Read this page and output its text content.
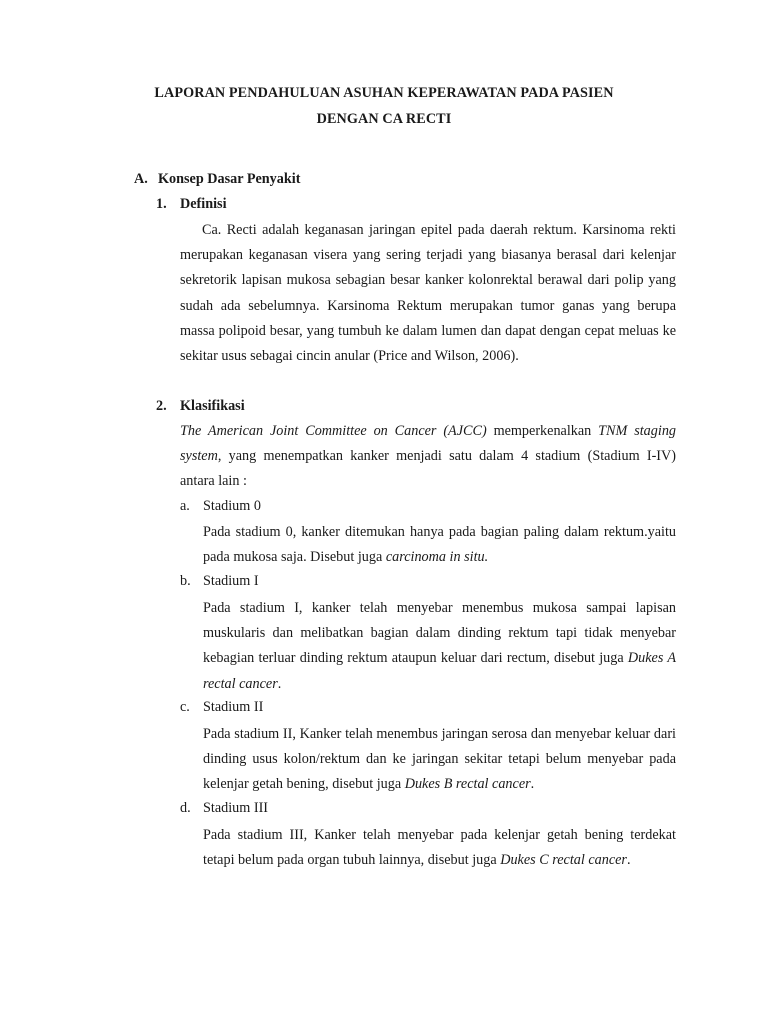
LAPORAN PENDAHULUAN ASUHAN KEPERAWATAN PADA PASIEN
DENGAN CA RECTI
A. Konsep Dasar Penyakit
1. Definisi
Ca. Recti adalah keganasan jaringan epitel pada daerah rektum. Karsinoma rekti merupakan keganasan visera yang sering terjadi yang biasanya berasal dari kelenjar sekretorik lapisan mukosa sebagian besar kanker kolonrektal berawal dari polip yang sudah ada sebelumnya. Karsinoma Rektum merupakan tumor ganas yang berupa massa polipoid besar, yang tumbuh ke dalam lumen dan dapat dengan cepat meluas ke sekitar usus sebagai cincin anular (Price and Wilson, 2006).
2. Klasifikasi
The American Joint Committee on Cancer (AJCC) memperkenalkan TNM staging system, yang menempatkan kanker menjadi satu dalam 4 stadium (Stadium I-IV) antara lain :
a. Stadium 0
Pada stadium 0, kanker ditemukan hanya pada bagian paling dalam rektum.yaitu pada mukosa saja. Disebut juga carcinoma in situ.
b. Stadium I
Pada stadium I, kanker telah menyebar menembus mukosa sampai lapisan muskularis dan melibatkan bagian dalam dinding rektum tapi tidak menyebar kebagian terluar dinding rektum ataupun keluar dari rectum, disebut juga Dukes A rectal cancer.
c. Stadium II
Pada stadium II, Kanker telah menembus jaringan serosa dan menyebar keluar dari dinding usus kolon/rektum dan ke jaringan sekitar tetapi belum menyebar pada kelenjar getah bening, disebut juga Dukes B rectal cancer.
d. Stadium III
Pada stadium III, Kanker telah menyebar pada kelenjar getah bening terdekat tetapi belum pada organ tubuh lainnya, disebut juga Dukes C rectal cancer.
